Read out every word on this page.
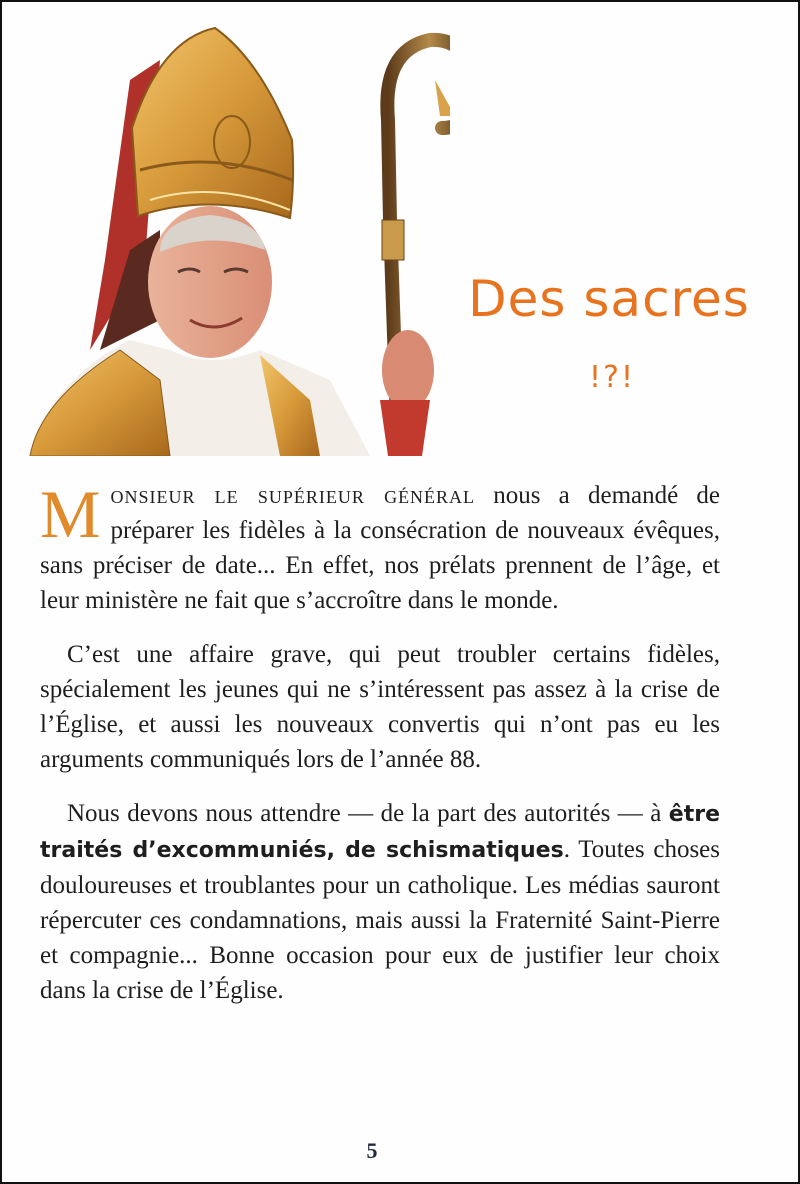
Des sacres
!?!

Monsieur le supérieur général nous a demandé de préparer les fidèles à la consécration de nouveaux évêques, sans préciser de date... En effet, nos prélats prennent de l’âge, et leur ministère ne fait que s’accroître dans le monde.

C’est une affaire grave, qui peut troubler certains fidèles, spécialement les jeunes qui ne s’intéressent pas assez à la crise de l’Église, et aussi les nouveaux convertis qui n’ont pas eu les arguments communiqués lors de l’année 88.

Nous devons nous attendre — de la part des autorités — à être traités d’excommuniés, de schismatiques. Toutes choses douloureuses et troublantes pour un catholique. Les médias sauront répercuter ces condamnations, mais aussi la Fraternité Saint-Pierre et compagnie... Bonne occasion pour eux de justifier leur choix dans la crise de l’Église.

5
